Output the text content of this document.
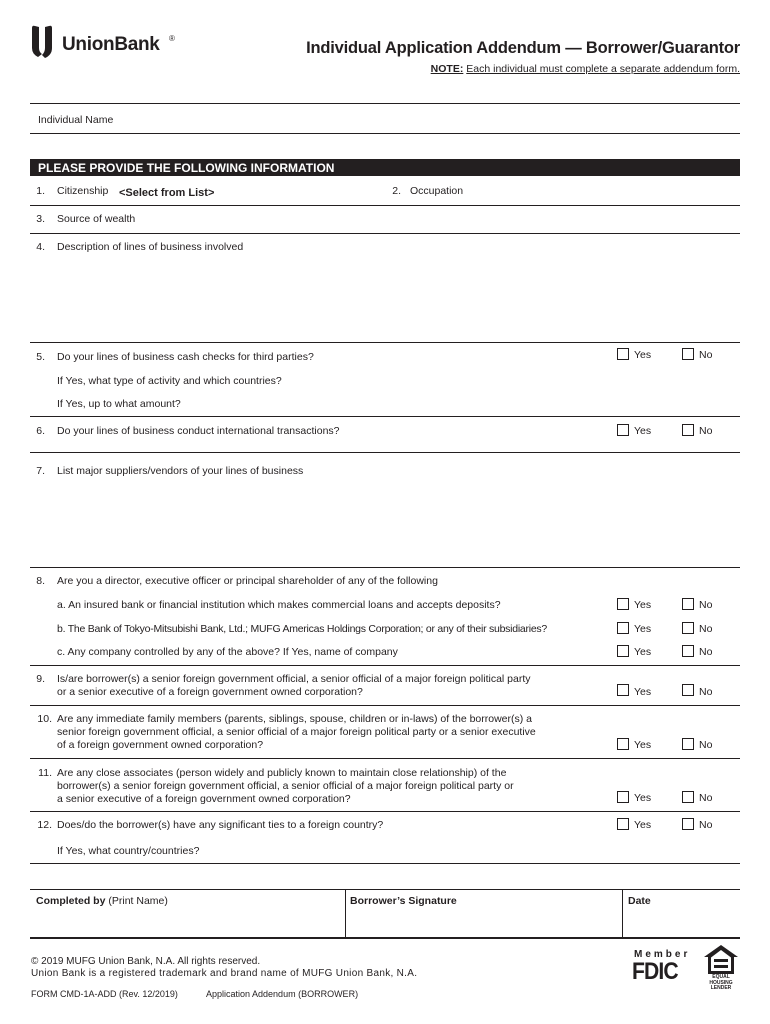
UnionBank ®
Individual Application Addendum — Borrower/Guarantor
NOTE: Each individual must complete a separate addendum form.
Individual Name
PLEASE PROVIDE THE FOLLOWING INFORMATION
1. Citizenship <Select from List>	2. Occupation
3. Source of wealth
4. Description of lines of business involved
5. Do your lines of business cash checks for third parties?	Yes	No
If Yes, what type of activity and which countries?
If Yes, up to what amount?
6. Do your lines of business conduct international transactions?	Yes	No
7. List major suppliers/vendors of your lines of business
8. Are you a director, executive officer or principal shareholder of any of the following
a. An insured bank or financial institution which makes commercial loans and accepts deposits?	Yes	No
b. The Bank of Tokyo-Mitsubishi Bank, Ltd.; MUFG Americas Holdings Corporation; or any of their subsidiaries?	Yes	No
c. Any company controlled by any of the above? If Yes, name of company	Yes	No
9. Is/are borrower(s) a senior foreign government official, a senior official of a major foreign political party
or a senior executive of a foreign government owned corporation?	Yes	No
10. Are any immediate family members (parents, siblings, spouse, children or in-laws) of the borrower(s) a
senior foreign government official, a senior official of a major foreign political party or a senior executive
of a foreign government owned corporation?	Yes	No
11. Are any close associates (person widely and publicly known to maintain close relationship) of the
borrower(s) a senior foreign government official, a senior official of a major foreign political party or
a senior executive of a foreign government owned corporation?	Yes	No
12. Does/do the borrower(s) have any significant ties to a foreign country?	Yes	No
If Yes, what country/countries?
Completed by (Print Name)	Borrower’s Signature	Date
© 2019 MUFG Union Bank, N.A. All rights reserved.
Union Bank is a registered trademark and brand name of MUFG Union Bank, N.A.
FORM CMD-1A-ADD (Rev. 12/2019)	Application Addendum (BORROWER)
Member
FDIC	EQUAL HOUSING LENDER
